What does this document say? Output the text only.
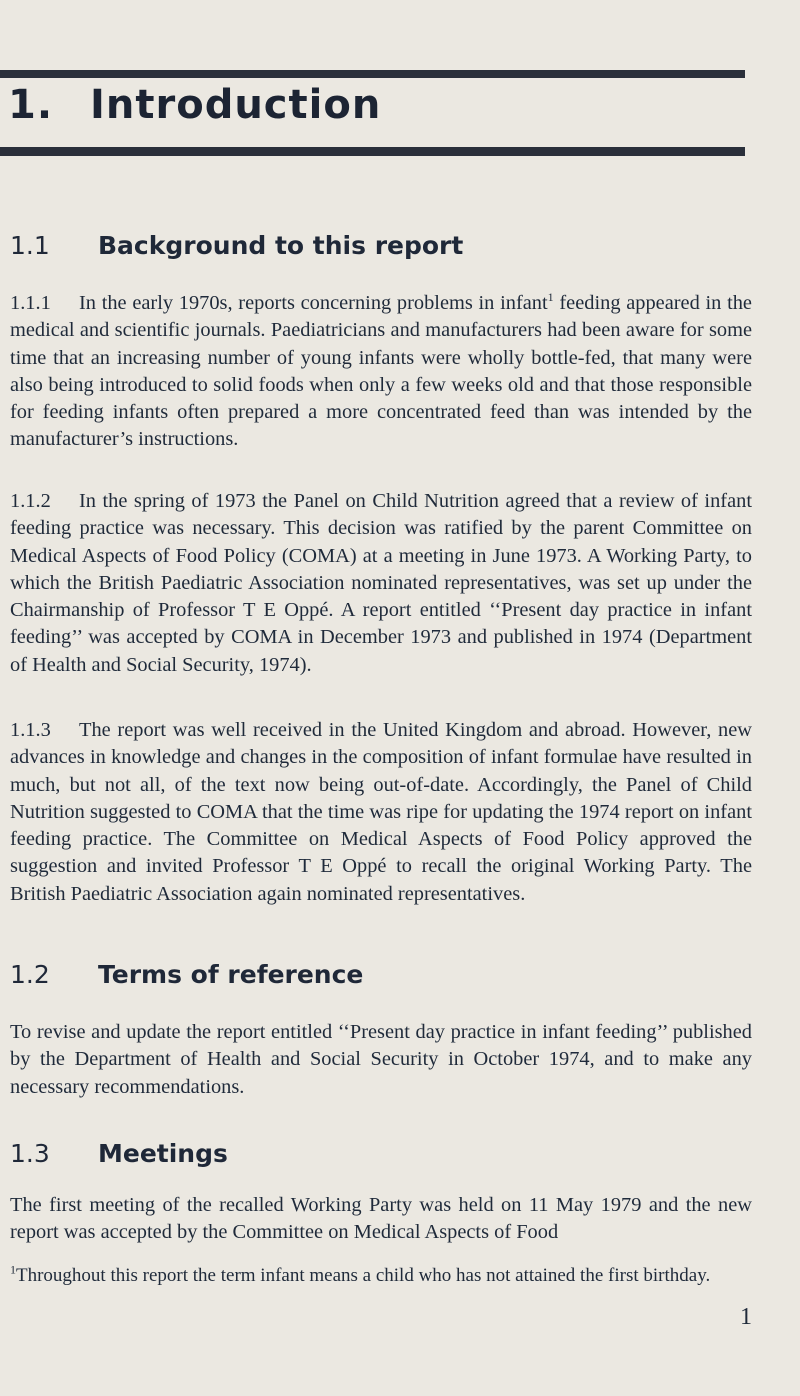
1. Introduction
1.1 Background to this report

1.1.1 In the early 1970s, reports concerning problems in infant$^1$ feeding appeared in the medical and scientific journals. Paediatricians and manufacturers had been aware for some time that an increasing number of young infants were wholly bottle-fed, that many were also being introduced to solid foods when only a few weeks old and that those responsible for feeding infants often prepared a more concentrated feed than was intended by the manufacturer’s instructions.

1.1.2 In the spring of 1973 the Panel on Child Nutrition agreed that a review of infant feeding practice was necessary. This decision was ratified by the parent Committee on Medical Aspects of Food Policy (COMA) at a meeting in June 1973. A Working Party, to which the British Paediatric Association nominated representatives, was set up under the Chairmanship of Professor T E Oppé. A report entitled ‘‘Present day practice in infant feeding’’ was accepted by COMA in December 1973 and published in 1974 (Department of Health and Social Security, 1974).

1.1.3 The report was well received in the United Kingdom and abroad. However, new advances in knowledge and changes in the composition of infant formulae have resulted in much, but not all, of the text now being out-of-date. Accordingly, the Panel of Child Nutrition suggested to COMA that the time was ripe for updating the 1974 report on infant feeding practice. The Committee on Medical Aspects of Food Policy approved the suggestion and invited Professor T E Oppé to recall the original Working Party. The British Paediatric Association again nominated representatives.

1.2 Terms of reference

To revise and update the report entitled ‘‘Present day practice in infant feeding’’ published by the Department of Health and Social Security in October 1974, and to make any necessary recommendations.

1.3 Meetings

The first meeting of the recalled Working Party was held on 11 May 1979 and the new report was accepted by the Committee on Medical Aspects of Food

$^1$Throughout this report the term infant means a child who has not attained the first birthday.

1
